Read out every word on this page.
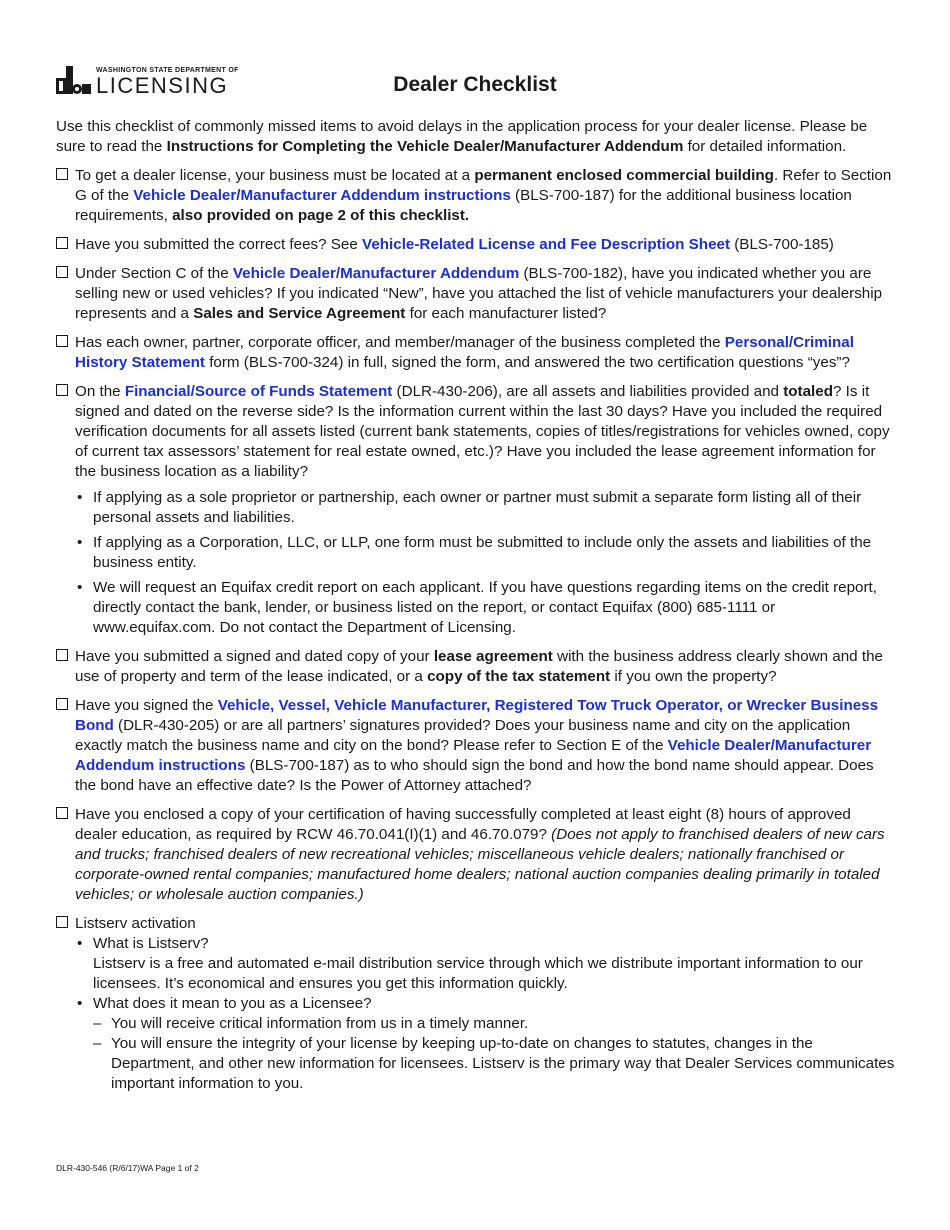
WASHINGTON STATE DEPARTMENT OF
LICENSING	Dealer Checklist

Use this checklist of commonly missed items to avoid delays in the application process for your dealer license. Please be sure to read the Instructions for Completing the Vehicle Dealer/Manufacturer Addendum for detailed information.

To get a dealer license, your business must be located at a permanent enclosed commercial building. Refer to Section G of the Vehicle Dealer/Manufacturer Addendum instructions (BLS-700-187) for the additional business location requirements, also provided on page 2 of this checklist.
Have you submitted the correct fees? See Vehicle-Related License and Fee Description Sheet (BLS-700-185)
Under Section C of the Vehicle Dealer/Manufacturer Addendum (BLS-700-182), have you indicated whether you are selling new or used vehicles? If you indicated “New”, have you attached the list of vehicle manufacturers your dealership represents and a Sales and Service Agreement for each manufacturer listed?
Has each owner, partner, corporate officer, and member/manager of the business completed the Personal/Criminal History Statement form (BLS-700-324) in full, signed the form, and answered the two certification questions “yes”?
On the Financial/Source of Funds Statement (DLR-430-206), are all assets and liabilities provided and totaled? Is it signed and dated on the reverse side? Is the information current within the last 30 days? Have you included the required verification documents for all assets listed (current bank statements, copies of titles/registrations for vehicles owned, copy of current tax assessors’ statement for real estate owned, etc.)? Have you included the lease agreement information for the business location as a liability?
• If applying as a sole proprietor or partnership, each owner or partner must submit a separate form listing all of their personal assets and liabilities.
• If applying as a Corporation, LLC, or LLP, one form must be submitted to include only the assets and liabilities of the business entity.
• We will request an Equifax credit report on each applicant. If you have questions regarding items on the credit report, directly contact the bank, lender, or business listed on the report, or contact Equifax (800) 685-1111 or www.equifax.com. Do not contact the Department of Licensing.
Have you submitted a signed and dated copy of your lease agreement with the business address clearly shown and the use of property and term of the lease indicated, or a copy of the tax statement if you own the property?
Have you signed the Vehicle, Vessel, Vehicle Manufacturer, Registered Tow Truck Operator, or Wrecker Business Bond (DLR-430-205) or are all partners’ signatures provided? Does your business name and city on the application exactly match the business name and city on the bond? Please refer to Section E of the Vehicle Dealer/Manufacturer Addendum instructions (BLS-700-187) as to who should sign the bond and how the bond name should appear. Does the bond have an effective date? Is the Power of Attorney attached?
Have you enclosed a copy of your certification of having successfully completed at least eight (8) hours of approved dealer education, as required by RCW 46.70.041(I)(1) and 46.70.079? (Does not apply to franchised dealers of new cars and trucks; franchised dealers of new recreational vehicles; miscellaneous vehicle dealers; nationally franchised or corporate-owned rental companies; manufactured home dealers; national auction companies dealing primarily in totaled vehicles; or wholesale auction companies.)
Listserv activation
• What is Listserv?
Listserv is a free and automated e-mail distribution service through which we distribute important information to our licensees. It’s economical and ensures you get this information quickly.
• What does it mean to you as a Licensee?
– You will receive critical information from us in a timely manner.
– You will ensure the integrity of your license by keeping up-to-date on changes to statutes, changes in the Department, and other new information for licensees. Listserv is the primary way that Dealer Services communicates important information to you.
DLR-430-546 (R/6/17)WA Page 1 of 2
